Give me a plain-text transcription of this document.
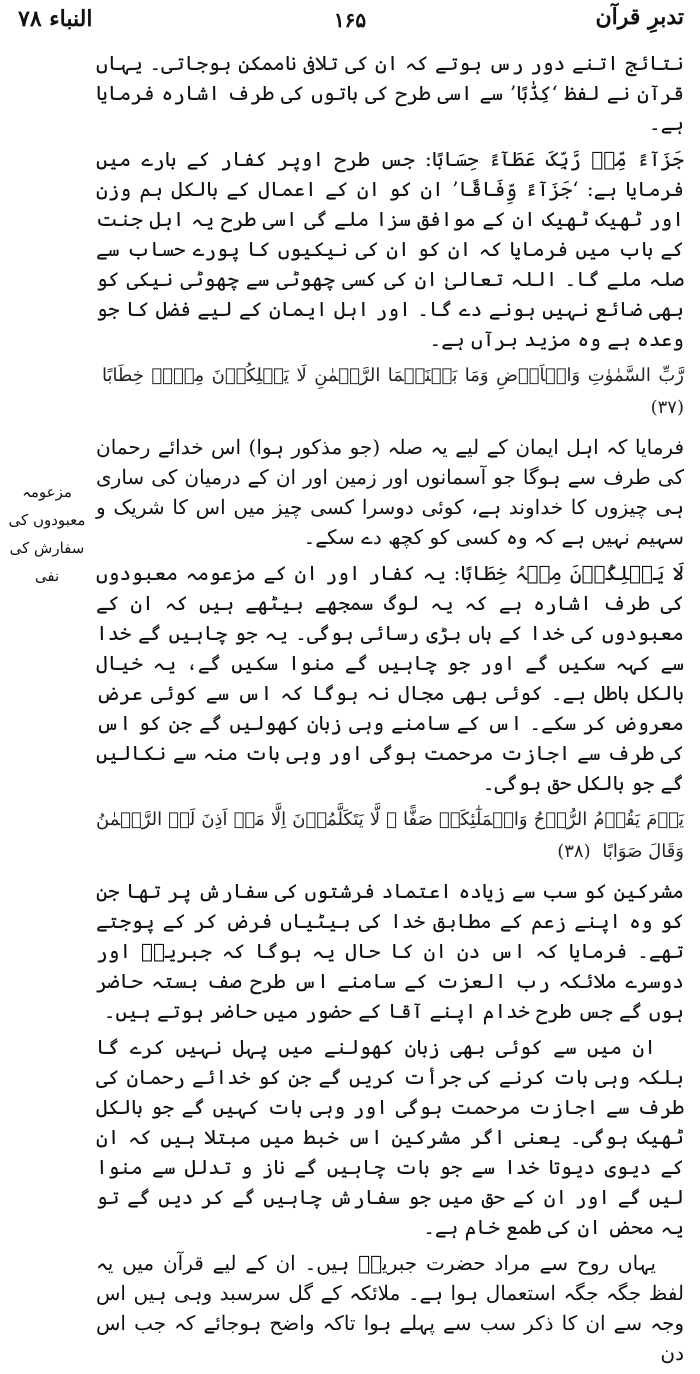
النباء ۷۸	۱۶۵	تدبرِ قرآن
مزعومہ معبودوں کی سفارش کی نفی

نتائج اتنے دور رس ہوتے کہ ان کی تلافی ناممکن ہوجاتی۔ یہاں قرآن نے لفظ ‘کِذّٰبًا’ سے اسی طرح کی باتوں کی طرف اشارہ فرمایا ہے۔

جَزَآءً مِّنۡ رَّبِّکَ عَطَآءً حِسَابًا: جس طرح اوپر کفار کے بارے میں فرمایا ہے: ‘جَزَآءً وِّفَاقًا’ ان کو ان کے اعمال کے بالکل ہم وزن اور ٹھیک ٹھیک ان کے موافق سزا ملے گی اسی طرح یہ اہل جنت کے باب میں فرمایا کہ ان کو ان کی نیکیوں کا پورے حساب سے صلہ ملے گا۔ اللہ تعالیٰ ان کی کسی چھوٹی سے چھوٹی نیکی کو بھی ضائع نہیں ہونے دے گا۔ اور اہل ایمان کے لیے فضل کا جو وعدہ ہے وہ مزید برآں ہے۔

رَّبِّ السَّمٰوٰتِ وَالۡاَرۡضِ وَمَا بَیۡنَہُمَا الرَّحۡمٰنِ لَا یَمۡلِکُوۡنَ مِنۡہُ خِطَابًا (۳۷)

فرمایا کہ اہل ایمان کے لیے یہ صلہ (جو مذکور ہوا) اس خدائے رحمان کی طرف سے ہوگا جو آسمانوں اور زمین اور ان کے درمیان کی ساری ہی چیزوں کا خداوند ہے، کوئی دوسرا کسی چیز میں اس کا شریک و سہیم نہیں ہے کہ وہ کسی کو کچھ دے سکے۔

لَا یَمۡلِکُوۡنَ مِنۡہُ خِطَابًا: یہ کفار اور ان کے مزعومہ معبودوں کی طرف اشارہ ہے کہ یہ لوگ سمجھے بیٹھے ہیں کہ ان کے معبودوں کی خدا کے ہاں بڑی رسائی ہوگی۔ یہ جو چاہیں گے خدا سے کہہ سکیں گے اور جو چاہیں گے منوا سکیں گے، یہ خیال بالکل باطل ہے۔ کوئی بھی مجال نہ ہوگا کہ اس سے کوئی عرض معروض کر سکے۔ اس کے سامنے وہی زبان کھولیں گے جن کو اس کی طرف سے اجازت مرحمت ہوگی اور وہی بات منہ سے نکالیں گے جو بالکل حق ہوگی۔

یَوۡمَ یَقُوۡمُ الرُّوۡحُ وَالۡمَلٰٓئِکَۃُ صَفًّا ۖ لَّا یَتَکَلَّمُوۡنَ اِلَّا مَنۡ اَذِنَ لَہُ الرَّحۡمٰنُ وَقَالَ صَوَابًا (۳۸)

مشرکین کو سب سے زیادہ اعتماد فرشتوں کی سفارش پر تھا جن کو وہ اپنے زعم کے مطابق خدا کی بیٹیاں فرض کر کے پوجتے تھے۔ فرمایا کہ اس دن ان کا حال یہ ہوگا کہ جبریلؑ اور دوسرے ملائکہ رب العزت کے سامنے اس طرح صف بستہ حاضر ہوں گے جس طرح خدام اپنے آقا کے حضور میں حاضر ہوتے ہیں۔

ان میں سے کوئی بھی زبان کھولنے میں پہل نہیں کرے گا بلکہ وہی بات کرنے کی جرأت کریں گے جن کو خدائے رحمان کی طرف سے اجازت مرحمت ہوگی اور وہی بات کہیں گے جو بالکل ٹھیک ہوگی۔ یعنی اگر مشرکین اس خبط میں مبتلا ہیں کہ ان کے دیوی دیوتا خدا سے جو بات چاہیں گے ناز و تدلل سے منوا لیں گے اور ان کے حق میں جو سفارش چاہیں گے کر دیں گے تو یہ محض ان کی طمع خام ہے۔

یہاں روح سے مراد حضرت جبریلؑ ہیں۔ ان کے لیے قرآن میں یہ لفظ جگہ جگہ استعمال ہوا ہے۔ ملائکہ کے گل سرسبد وہی ہیں اس وجہ سے ان کا ذکر سب سے پہلے ہوا تاکہ واضح ہوجائے کہ جب اس دن
